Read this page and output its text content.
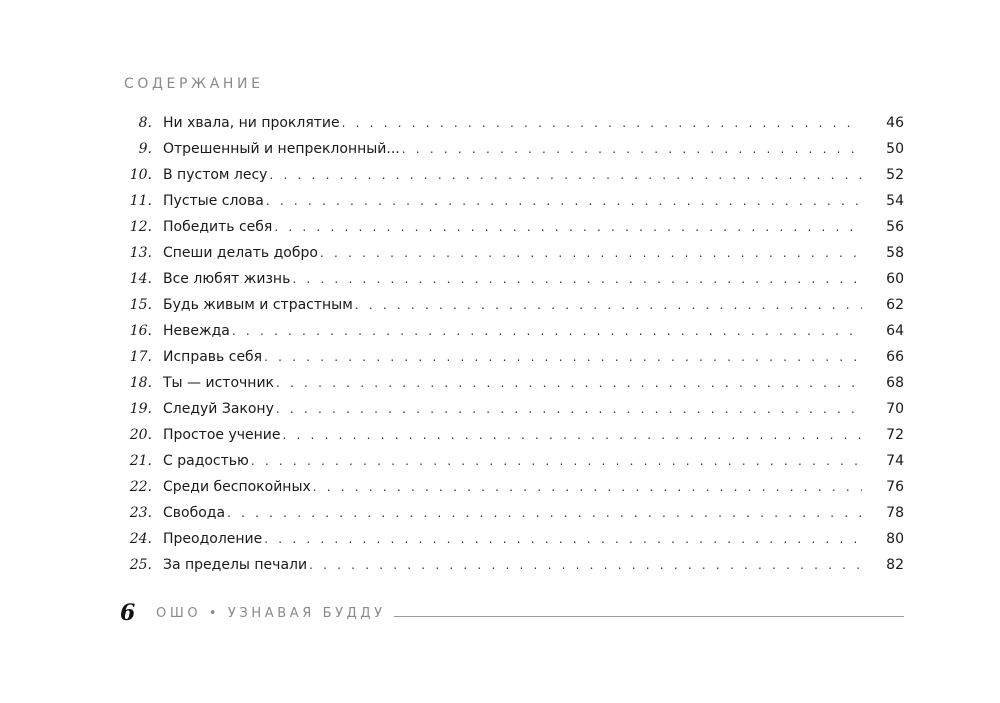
СОДЕРЖАНИЕ
8. Ни хвала, ни проклятие . . .	46
9. Отрешенный и непреклонный... . . .	50
10. В пустом лесу . . .	52
11. Пустые слова . . .	54
12. Победить себя . . .	56
13. Спеши делать добро . . .	58
14. Все любят жизнь . . .	60
15. Будь живым и страстным . . .	62
16. Невежда . . .	64
17. Исправь себя . . .	66
18. Ты — источник . . .	68
19. Следуй Закону . . .	70
20. Простое учение . . .	72
21. С радостью . . .	74
22. Среди беспокойных . . .	76
23. Свобода . . .	78
24. Преодоление . . .	80
25. За пределы печали . . .	82
6	ОШО • УЗНАВАЯ БУДДУ
